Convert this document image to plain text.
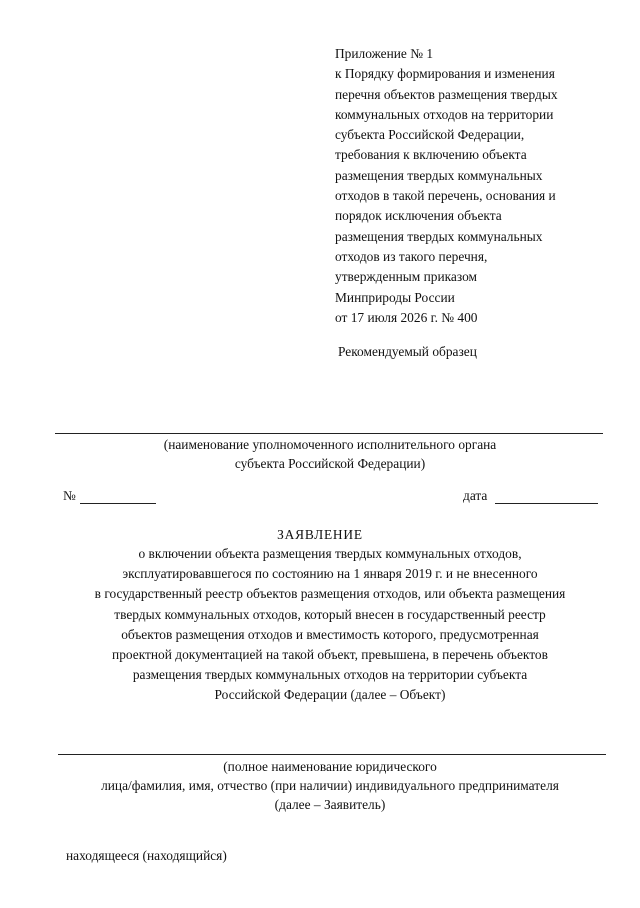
Приложение № 1
к Порядку формирования и изменения
перечня объектов размещения твердых
коммунальных отходов на территории
субъекта Российской Федерации,
требования к включению объекта
размещения твердых коммунальных
отходов в такой перечень, основания и
порядок исключения объекта
размещения твердых коммунальных
отходов из такого перечня,
утвержденным приказом
Минприроды России
от 17 июля 2026 г. № 400
Рекомендуемый образец
(наименование уполномоченного исполнительного органа
субъекта Российской Федерации)
№	дата
ЗАЯВЛЕНИЕ
о включении объекта размещения твердых коммунальных отходов,
эксплуатировавшегося по состоянию на 1 января 2019 г. и не внесенного
в государственный реестр объектов размещения отходов, или объекта размещения
твердых коммунальных отходов, который внесен в государственный реестр
объектов размещения отходов и вместимость которого, предусмотренная
проектной документацией на такой объект, превышена, в перечень объектов
размещения твердых коммунальных отходов на территории субъекта
Российской Федерации (далее – Объект)
(полное наименование юридического
лица/фамилия, имя, отчество (при наличии) индивидуального предпринимателя
(далее – Заявитель)
находящееся (находящийся)
